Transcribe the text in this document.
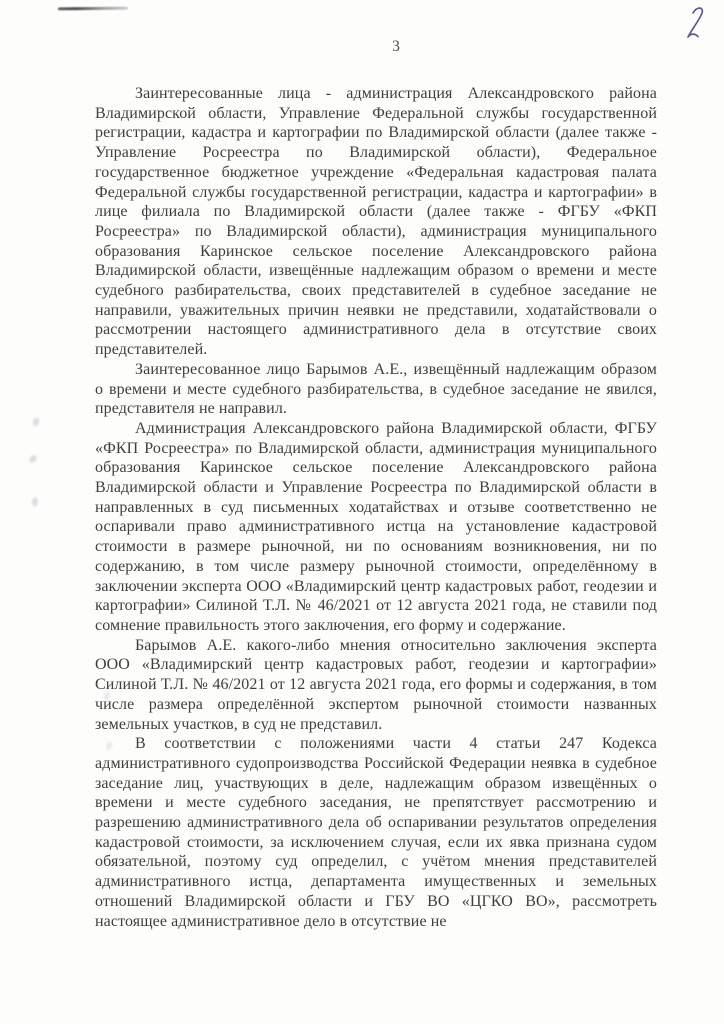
3

Заинтересованные лица - администрация Александровского района Владимирской области, Управление Федеральной службы государственной регистрации, кадастра и картографии по Владимирской области (далее также - Управление Росреестра по Владимирской области), Федеральное государственное бюджетное учреждение «Федеральная кадастровая палата Федеральной службы государственной регистрации, кадастра и картографии» в лице филиала по Владимирской области (далее также - ФГБУ «ФКП Росреестра» по Владимирской области), администрация муниципального образования Каринское сельское поселение Александровского района Владимирской области, извещённые надлежащим образом о времени и месте судебного разбирательства, своих представителей в судебное заседание не направили, уважительных причин неявки не представили, ходатайствовали о рассмотрении настоящего административного дела в отсутствие своих представителей.

Заинтересованное лицо Барымов А.Е., извещённый надлежащим образом о времени и месте судебного разбирательства, в судебное заседание не явился, представителя не направил.

Администрация Александровского района Владимирской области, ФГБУ «ФКП Росреестра» по Владимирской области, администрация муниципального образования Каринское сельское поселение Александровского района Владимирской области и Управление Росреестра по Владимирской области в направленных в суд письменных ходатайствах и отзыве соответственно не оспаривали право административного истца на установление кадастровой стоимости в размере рыночной, ни по основаниям возникновения, ни по содержанию, в том числе размеру рыночной стоимости, определённому в заключении эксперта ООО «Владимирский центр кадастровых работ, геодезии и картографии» Силиной Т.Л. № 46/2021 от 12 августа 2021 года, не ставили под сомнение правильность этого заключения, его форму и содержание.

Барымов А.Е. какого-либо мнения относительно заключения эксперта ООО «Владимирский центр кадастровых работ, геодезии и картографии» Силиной Т.Л. № 46/2021 от 12 августа 2021 года, его формы и содержания, в том числе размера определённой экспертом рыночной стоимости названных земельных участков, в суд не представил.

В соответствии с положениями части 4 статьи 247 Кодекса административного судопроизводства Российской Федерации неявка в судебное заседание лиц, участвующих в деле, надлежащим образом извещённых о времени и месте судебного заседания, не препятствует рассмотрению и разрешению административного дела об оспаривании результатов определения кадастровой стоимости, за исключением случая, если их явка признана судом обязательной, поэтому суд определил, с учётом мнения представителей административного истца, департамента имущественных и земельных отношений Владимирской области и ГБУ ВО «ЦГКО ВО», рассмотреть настоящее административное дело в отсутствие не
